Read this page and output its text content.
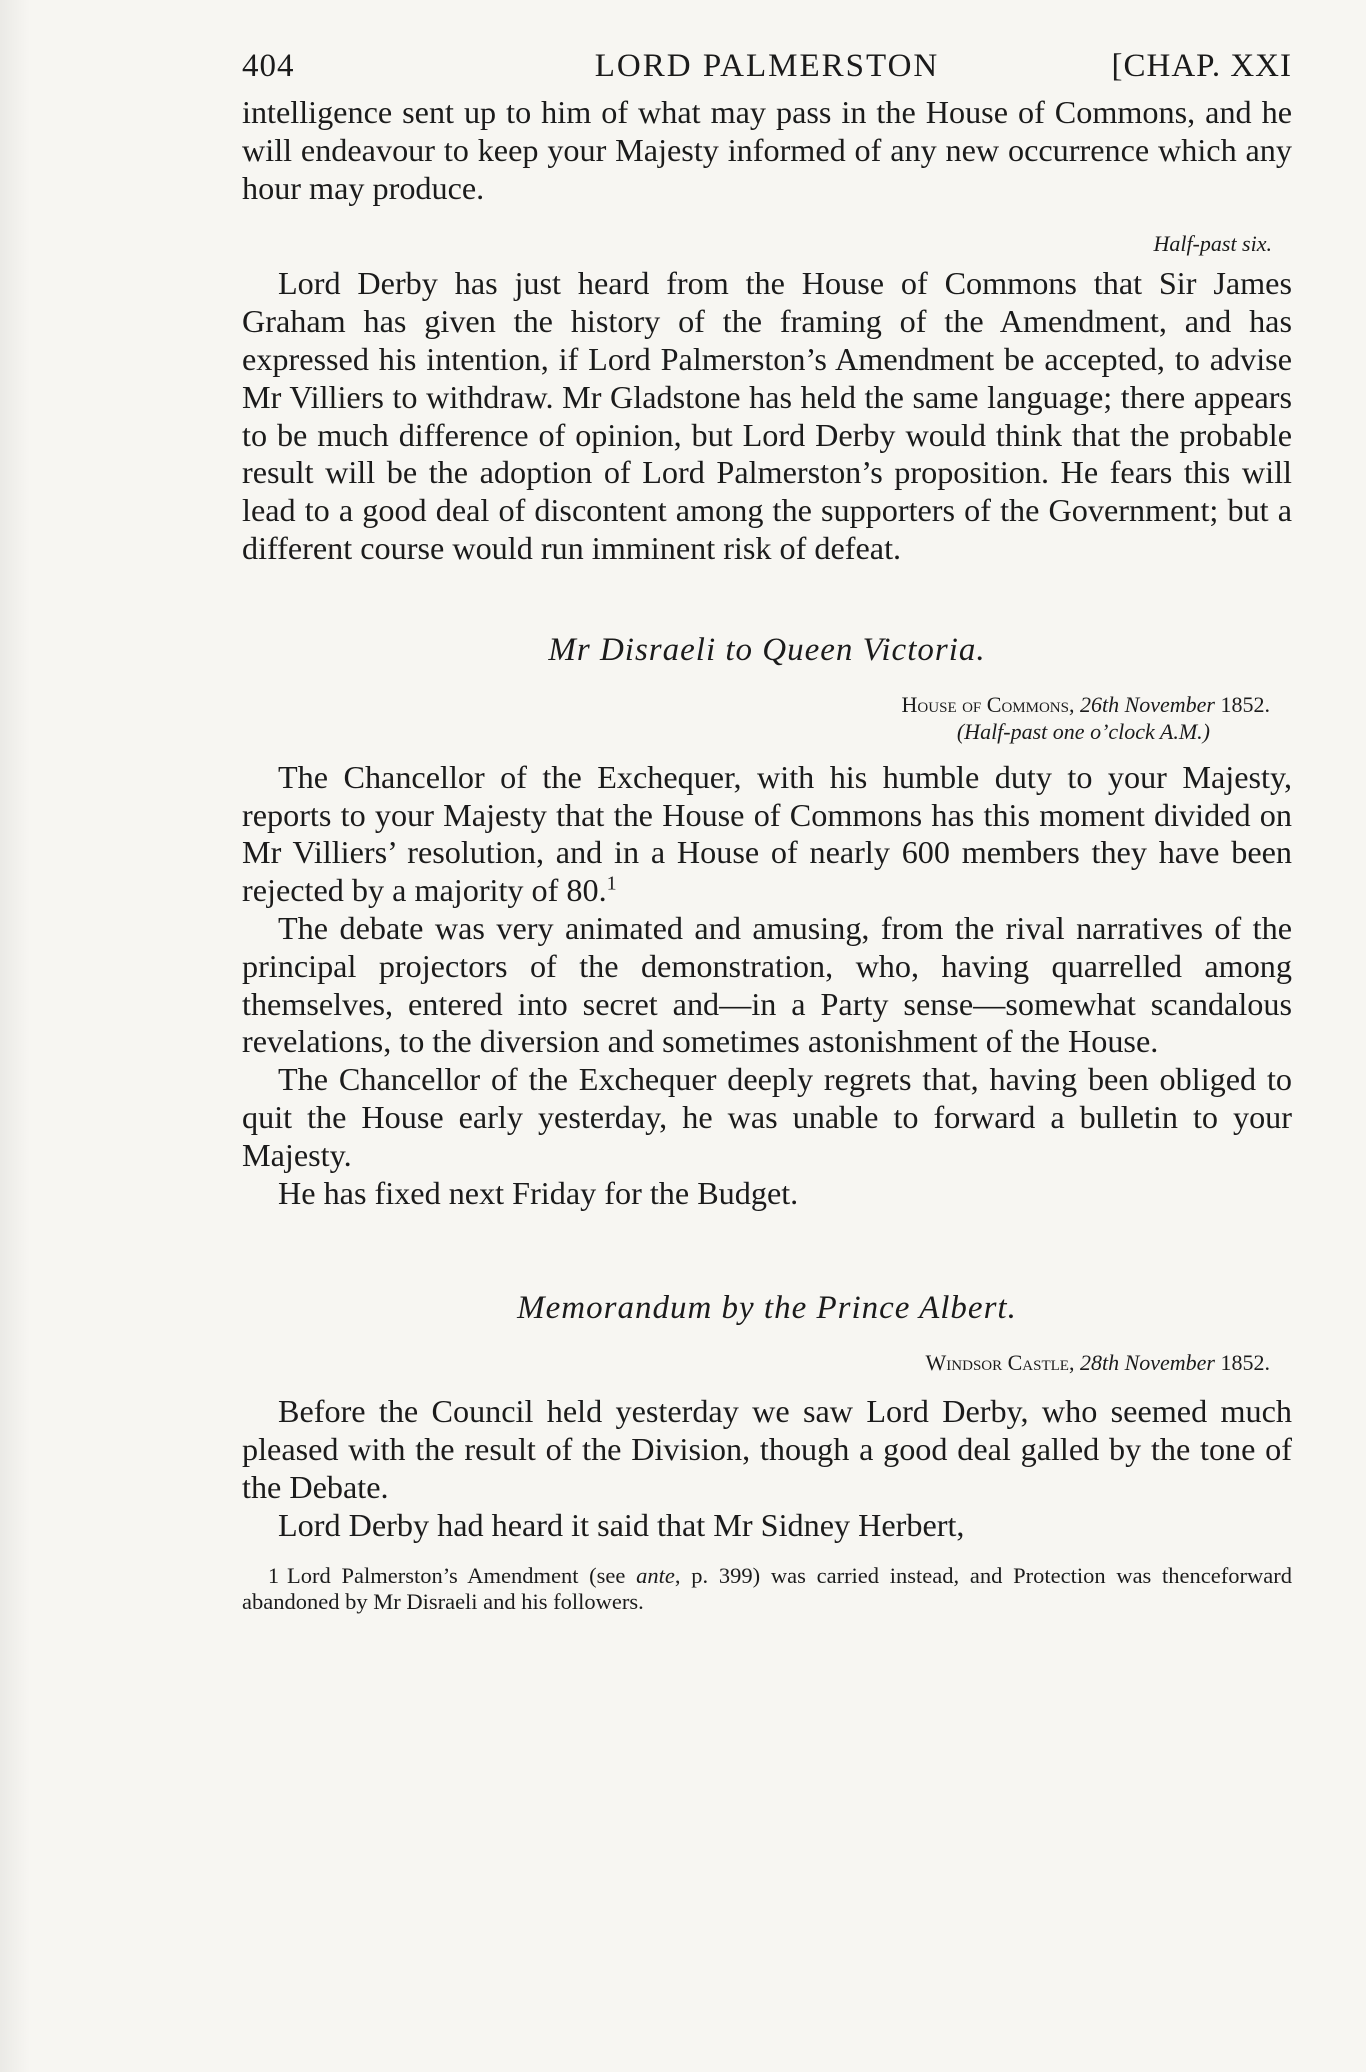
404	LORD PALMERSTON	[CHAP. XXI

intelligence sent up to him of what may pass in the House of Commons, and he will endeavour to keep your Majesty informed of any new occurrence which any hour may produce.

Half-past six.

Lord Derby has just heard from the House of Commons that Sir James Graham has given the history of the framing of the Amendment, and has expressed his intention, if Lord Palmerston’s Amendment be accepted, to advise Mr Villiers to withdraw. Mr Gladstone has held the same language; there appears to be much difference of opinion, but Lord Derby would think that the probable result will be the adoption of Lord Palmerston’s proposition. He fears this will lead to a good deal of discontent among the supporters of the Government; but a different course would run imminent risk of defeat.

Mr Disraeli to Queen Victoria.
House of Commons, 26th November 1852.
(Half-past one o’clock A.M.)

The Chancellor of the Exchequer, with his humble duty to your Majesty, reports to your Majesty that the House of Commons has this moment divided on Mr Villiers’ resolution, and in a House of nearly 600 members they have been rejected by a majority of 80.$^1$

The debate was very animated and amusing, from the rival narratives of the principal projectors of the demonstration, who, having quarrelled among themselves, entered into secret and—in a Party sense—somewhat scandalous revelations, to the diversion and sometimes astonishment of the House.

The Chancellor of the Exchequer deeply regrets that, having been obliged to quit the House early yesterday, he was unable to forward a bulletin to your Majesty.

He has fixed next Friday for the Budget.

Memorandum by the Prince Albert.
Windsor Castle, 28th November 1852.

Before the Council held yesterday we saw Lord Derby, who seemed much pleased with the result of the Division, though a good deal galled by the tone of the Debate.

Lord Derby had heard it said that Mr Sidney Herbert,

1 Lord Palmerston’s Amendment (see ante, p. 399) was carried instead, and Protection was thenceforward abandoned by Mr Disraeli and his followers.
